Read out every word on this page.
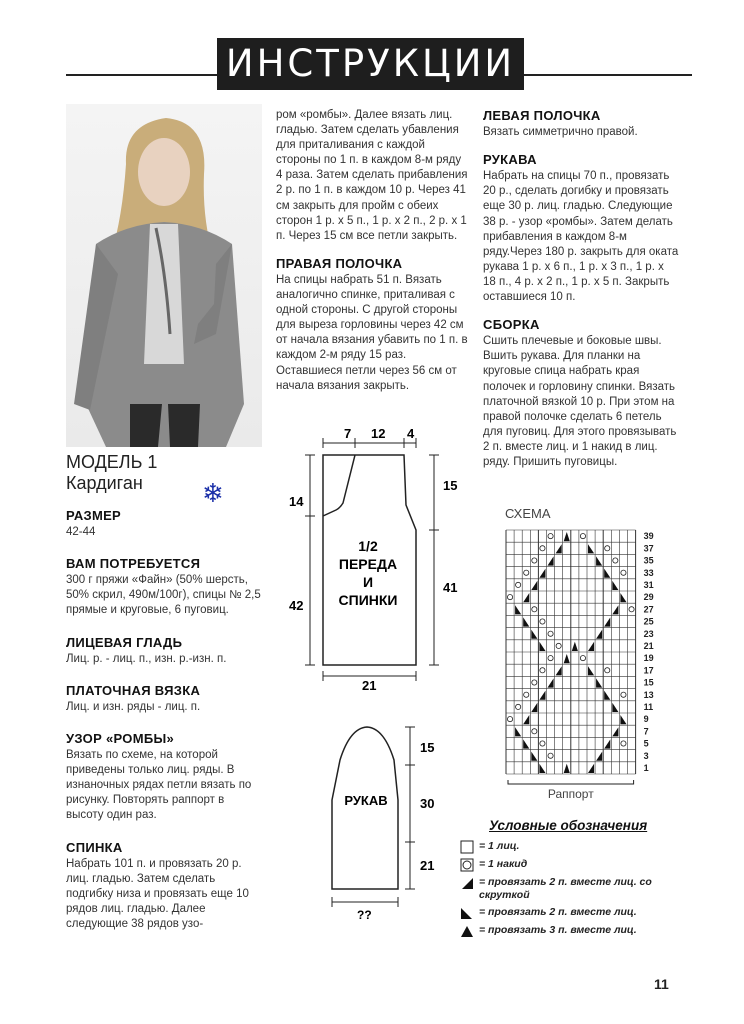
ИНСТРУКЦИИ
МОДЕЛЬ 1
Кардиган	❄
РАЗМЕР

42-44

ВАМ ПОТРЕБУЕТСЯ

300 г пряжи «Файн» (50% шерсть, 50% скрил, 490м/100г), спицы № 2,5 прямые и круговые, 6 пуговиц.

ЛИЦЕВАЯ ГЛАДЬ

Лиц. р. - лиц. п., изн. р.-изн. п.

ПЛАТОЧНАЯ ВЯЗКА

Лиц. и изн. ряды - лиц. п.

УЗОР «РОМБЫ»

Вязать по схеме, на которой приведены только лиц. ряды. В изнаночных рядах петли вязать по рисунку. Повторять раппорт в высоту один раз.

СПИНКА

Набрать 101 п. и провязать 20 р. лиц. гладью. Затем сделать подгибку низа и провязать еще 10 рядов лиц. гладью. Далее следующие 38 рядов узо-

ром «ромбы». Далее вязать лиц. гладью. Затем сделать убавления для приталивания с каждой стороны по 1 п. в каждом 8-м ряду 4 раза. Затем сделать прибавления 2 р. по 1 п. в каждом 10 р. Через 41 см закрыть для пройм с обеих сторон 1 р. х 5 п., 1 р. х 2 п., 2 р. х 1 п. Через 15 см все петли закрыть.

ПРАВАЯ ПОЛОЧКА

На спицы набрать 51 п. Вязать аналогично спинке, приталивая с одной стороны. С другой стороны для выреза горловины через 42 см от начала вязания убавить по 1 п. в каждом 2-м ряду 15 раз. Оставшиеся петли через 56 см от начала вязания закрыть.

ЛЕВАЯ ПОЛОЧКА

Вязать симметрично правой.

РУКАВА

Набрать на спицы 70 п., провязать 20 р., сделать догибку и провязать еще 30 р. лиц. гладью. Следующие 38 р. - узор «ромбы». Затем делать прибавления в каждом 8-м ряду.Через 180 р. закрыть для оката рукава 1 р. х 6 п., 1 р. х 3 п., 1 р. х 18 п., 4 р. х 2 п., 1 р. х 5 п. Закрыть оставшиеся 10 п.

СБОРКА

Сшить плечевые и боковые швы. Вшить рукава. Для планки на круговые спица набрать края полочек и горловину спинки. Вязать платочной вязкой 10 р. При этом на правой полочке сделать 6 петель для пуговиц. Для этого провязывать 2 п. вместе лиц. и 1 накид в лиц. ряду. Пришить пуговицы.

7 12 4
14
42
15
41
21
1/2
ПЕРЕДА
И
СПИНКИ
15
30
21
??
РУКАВ
СХЕМА
39
37
35
33
31
29
27
25
23
21
19
17
15
13
11
9
7
5
3
1
Раппорт
Условные обозначения
= 1 лиц.
= 1 накид
= провязать 2 п. вместе лиц. со скруткой
= провязать 2 п. вместе лиц.
= провязать 3 п. вместе лиц.
11
